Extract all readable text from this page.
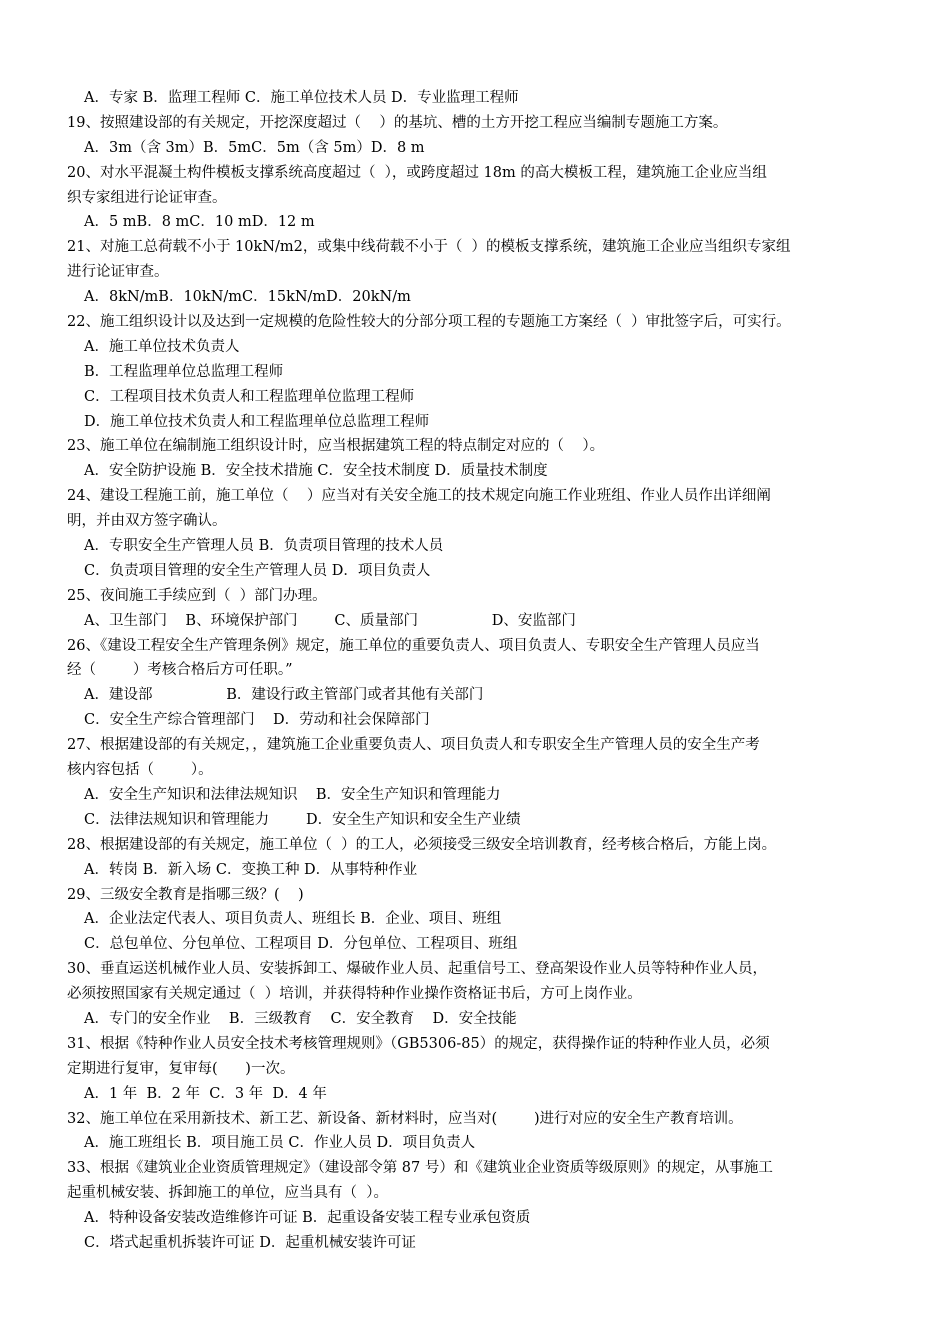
A．专家 B．监理工程师 C．施工单位技术人员 D．专业监理工程师
19、按照建设部的有关规定，开挖深度超过（    ）的基坑、槽的土方开挖工程应当编制专题施工方案。
A．3m（含 3m）B．5mC．5m（含 5m）D．8 m
20、对水平混凝土构件模板支撑系统高度超过（  ），或跨度超过 18m 的高大模板工程，建筑施工企业应当组
织专家组进行论证审查。
A．5 mB．8 mC．10 mD．12 m
21、对施工总荷载不小于 10kN/m2，或集中线荷载不小于（  ）的模板支撑系统，建筑施工企业应当组织专家组
进行论证审查。
A．8kN/mB．10kN/mC．15kN/mD．20kN/m
22、施工组织设计以及达到一定规模的危险性较大的分部分项工程的专题施工方案经（  ）审批签字后，可实行。
A．施工单位技术负责人
B．工程监理单位总监理工程师
C．工程项目技术负责人和工程监理单位监理工程师
D．施工单位技术负责人和工程监理单位总监理工程师
23、施工单位在编制施工组织设计时，应当根据建筑工程的特点制定对应的（    ）。
A．安全防护设施 B．安全技术措施 C．安全技术制度 D．质量技术制度
24、建设工程施工前，施工单位（    ）应当对有关安全施工的技术规定向施工作业班组、作业人员作出详细阐
明，并由双方签字确认。
A．专职安全生产管理人员 B．负责项目管理的技术人员
C．负责项目管理的安全生产管理人员 D．项目负责人
25、夜间施工手续应到（  ）部门办理。
A、卫生部门    B、环境保护部门        C、质量部门                D、安监部门
26、《建设工程安全生产管理条例》规定，施工单位的重要负责人、项目负责人、专职安全生产管理人员应当
经（        ）考核合格后方可任职。”
A．建设部                B．建设行政主管部门或者其他有关部门
C．安全生产综合管理部门    D．劳动和社会保障部门
27、根据建设部的有关规定，，建筑施工企业重要负责人、项目负责人和专职安全生产管理人员的安全生产考
核内容包括（        ）。
A．安全生产知识和法律法规知识    B．安全生产知识和管理能力
C．法律法规知识和管理能力        D．安全生产知识和安全生产业绩
28、根据建设部的有关规定，施工单位（  ）的工人，必须接受三级安全培训教育，经考核合格后，方能上岗。
A．转岗 B．新入场 C．变换工种 D．从事特种作业
29、三级安全教育是指哪三级？(    )
A．企业法定代表人、项目负责人、班组长 B．企业、项目、班组
C．总包单位、分包单位、工程项目 D．分包单位、工程项目、班组
30、垂直运送机械作业人员、安装拆卸工、爆破作业人员、起重信号工、登高架设作业人员等特种作业人员，
必须按照国家有关规定通过（  ）培训，并获得特种作业操作资格证书后，方可上岗作业。
A．专门的安全作业    B．三级教育    C．安全教育    D．安全技能
31、根据《特种作业人员安全技术考核管理规则》（GB5306-85）的规定，获得操作证的特种作业人员，必须
定期进行复审，复审每(      )一次。
A．1 年  B．2 年  C．3 年  D．4 年
32、施工单位在采用新技术、新工艺、新设备、新材料时，应当对(        )进行对应的安全生产教育培训。
A．施工班组长 B．项目施工员 C．作业人员 D．项目负责人
33、根据《建筑业企业资质管理规定》（建设部令第 87 号）和《建筑业企业资质等级原则》的规定，从事施工
起重机械安装、拆卸施工的单位，应当具有（  ）。
A．特种设备安装改造维修许可证 B．起重设备安装工程专业承包资质
C．塔式起重机拆装许可证 D．起重机械安装许可证
